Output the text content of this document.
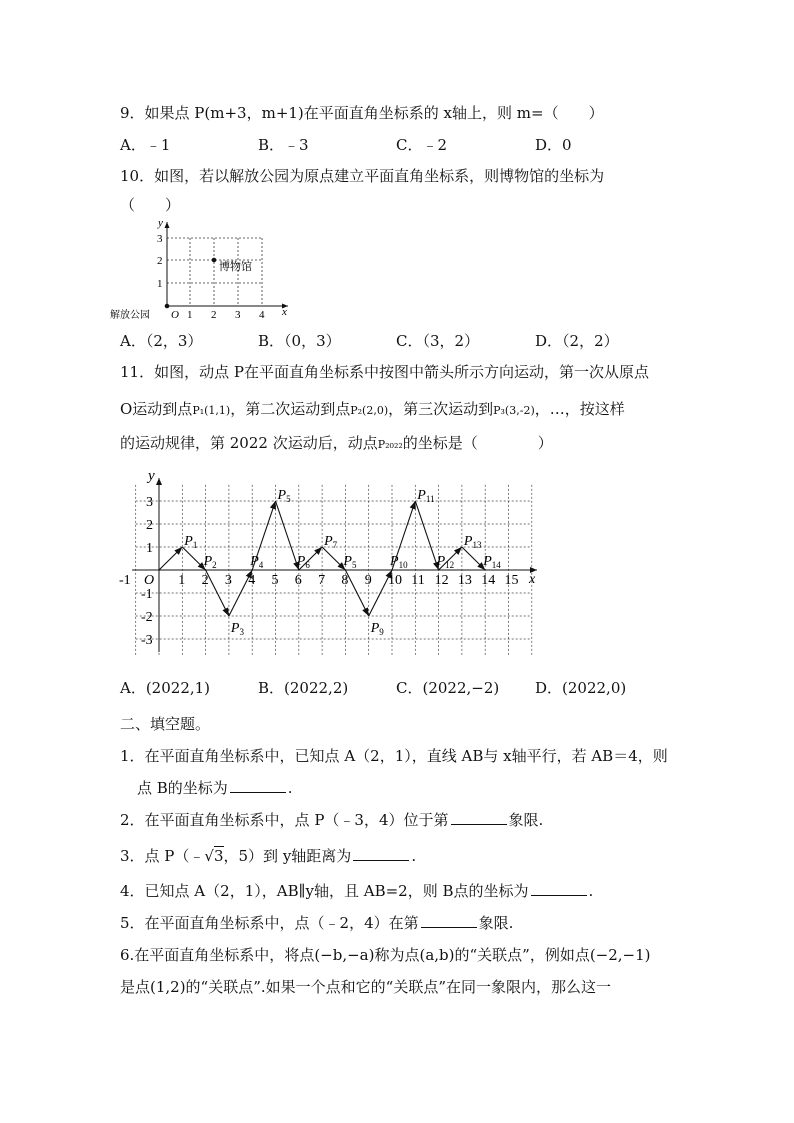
9．如果点 P(m+3，m+1)在平面直角坐标系的 x轴上，则 m=（　　）
A．﹣1	B．﹣3	C．﹣2	D．0
10．如图，若以解放公园为原点建立平面直角坐标系，则博物馆的坐标为
（　　）
y
x
3
2
1
O 1 2 3 4
解放公园
博物馆
A．（2，3）	B．（0，3）	C．（3，2）	D．（2，2）
11．如图，动点 P在平面直角坐标系中按图中箭头所示方向运动，第一次从原点
O运动到点P₁(1,1)，第二次运动到点P₂(2,0)，第三次运动到P₃(3,-2)，…，按这样
的运动规律，第 2022 次运动后，动点P₂₀₂₂的坐标是（　　　　）
$P_1$
$P_2$
$P_3$
$P_4$
$P_5$
$P_6$
$P_7$
$P_5$
$P_9$
$P_{10}$
$P_{11}$
$P_{12}$
$P_{13}$
$P_{14}$
y
x
O
-1	1 2 3 4 5 6 7 8 9 10 11 12 13 14 15
3
2
1
-1
-2
-3
A．(2022,1)	B．(2022,2)	C．(2022,−2) D．(2022,0)
二、填空题。
1．在平面直角坐标系中，已知点 A（2，1），直线 AB与 x轴平行，若 AB＝4，则
点 B的坐标为	.
2．在平面直角坐标系中，点 P（﹣3，4）位于第	象限.
3．点 P（﹣√3，5）到 y轴距离为	.
4．已知点 A（2，1），AB∥y轴，且 AB=2，则 B点的坐标为	.
5．在平面直角坐标系中，点（﹣2，4）在第	象限.
6.在平面直角坐标系中，将点(−b,−a)称为点(a,b)的“关联点”，例如点(−2,−1)
是点(1,2)的“关联点”.如果一个点和它的“关联点”在同一象限内，那么这一
